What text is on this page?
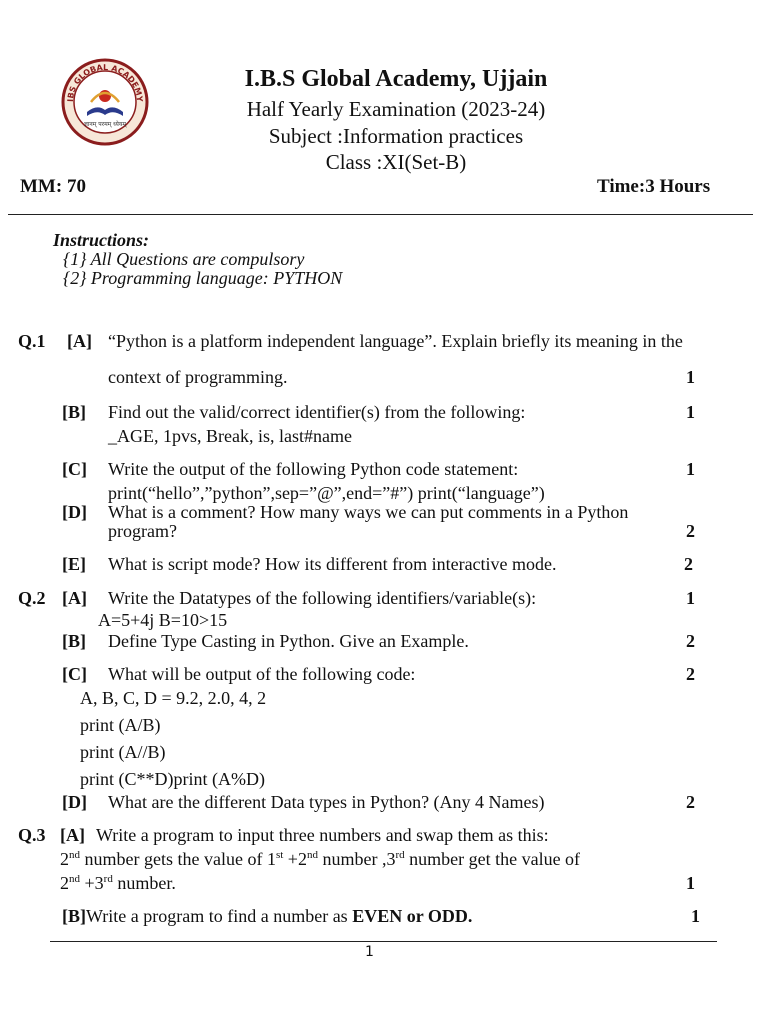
IBS GLOBAL ACADEMY
ज्ञानम् परमम् ध्येयम्
I.B.S Global Academy, Ujjain
Half Yearly Examination (2023-24)
Subject :Information practices
Class :XI(Set-B)
MM: 70	Time:3 Hours
Instructions:
{1} All Questions are compulsory
{2} Programming language: PYTHON
Q.1 [A] “Python is a platform independent language”. Explain briefly its meaning in the
context of programming.	1
[B] Find out the valid/correct identifier(s) from the following:	1
_AGE, 1pvs, Break, is, last#name
[C] Write the output of the following Python code statement:	1
print(“hello”,”python”,sep=”@”,end=”#”) print(“language”)
[D] What is a comment? How many ways we can put comments in a Python
program?	2
[E] What is script mode? How its different from interactive mode.	2
Q.2 [A] Write the Datatypes of the following identifiers/variable(s):	1
A=5+4j B=10>15
[B] Define Type Casting in Python. Give an Example.	2
[C] What will be output of the following code:	2
A, B, C, D = 9.2, 2.0, 4, 2
print (A/B)
print (A//B)
print (C**D)print (A%D)
[D] What are the different Data types in Python? (Any 4 Names)	2
Q.3 [A] Write a program to input three numbers and swap them as this:
2nd number gets the value of 1st +2nd number ,3rd number get the value of
2nd +3rd number.	1
[B]Write a program to find a number as EVEN or ODD.	1
1
